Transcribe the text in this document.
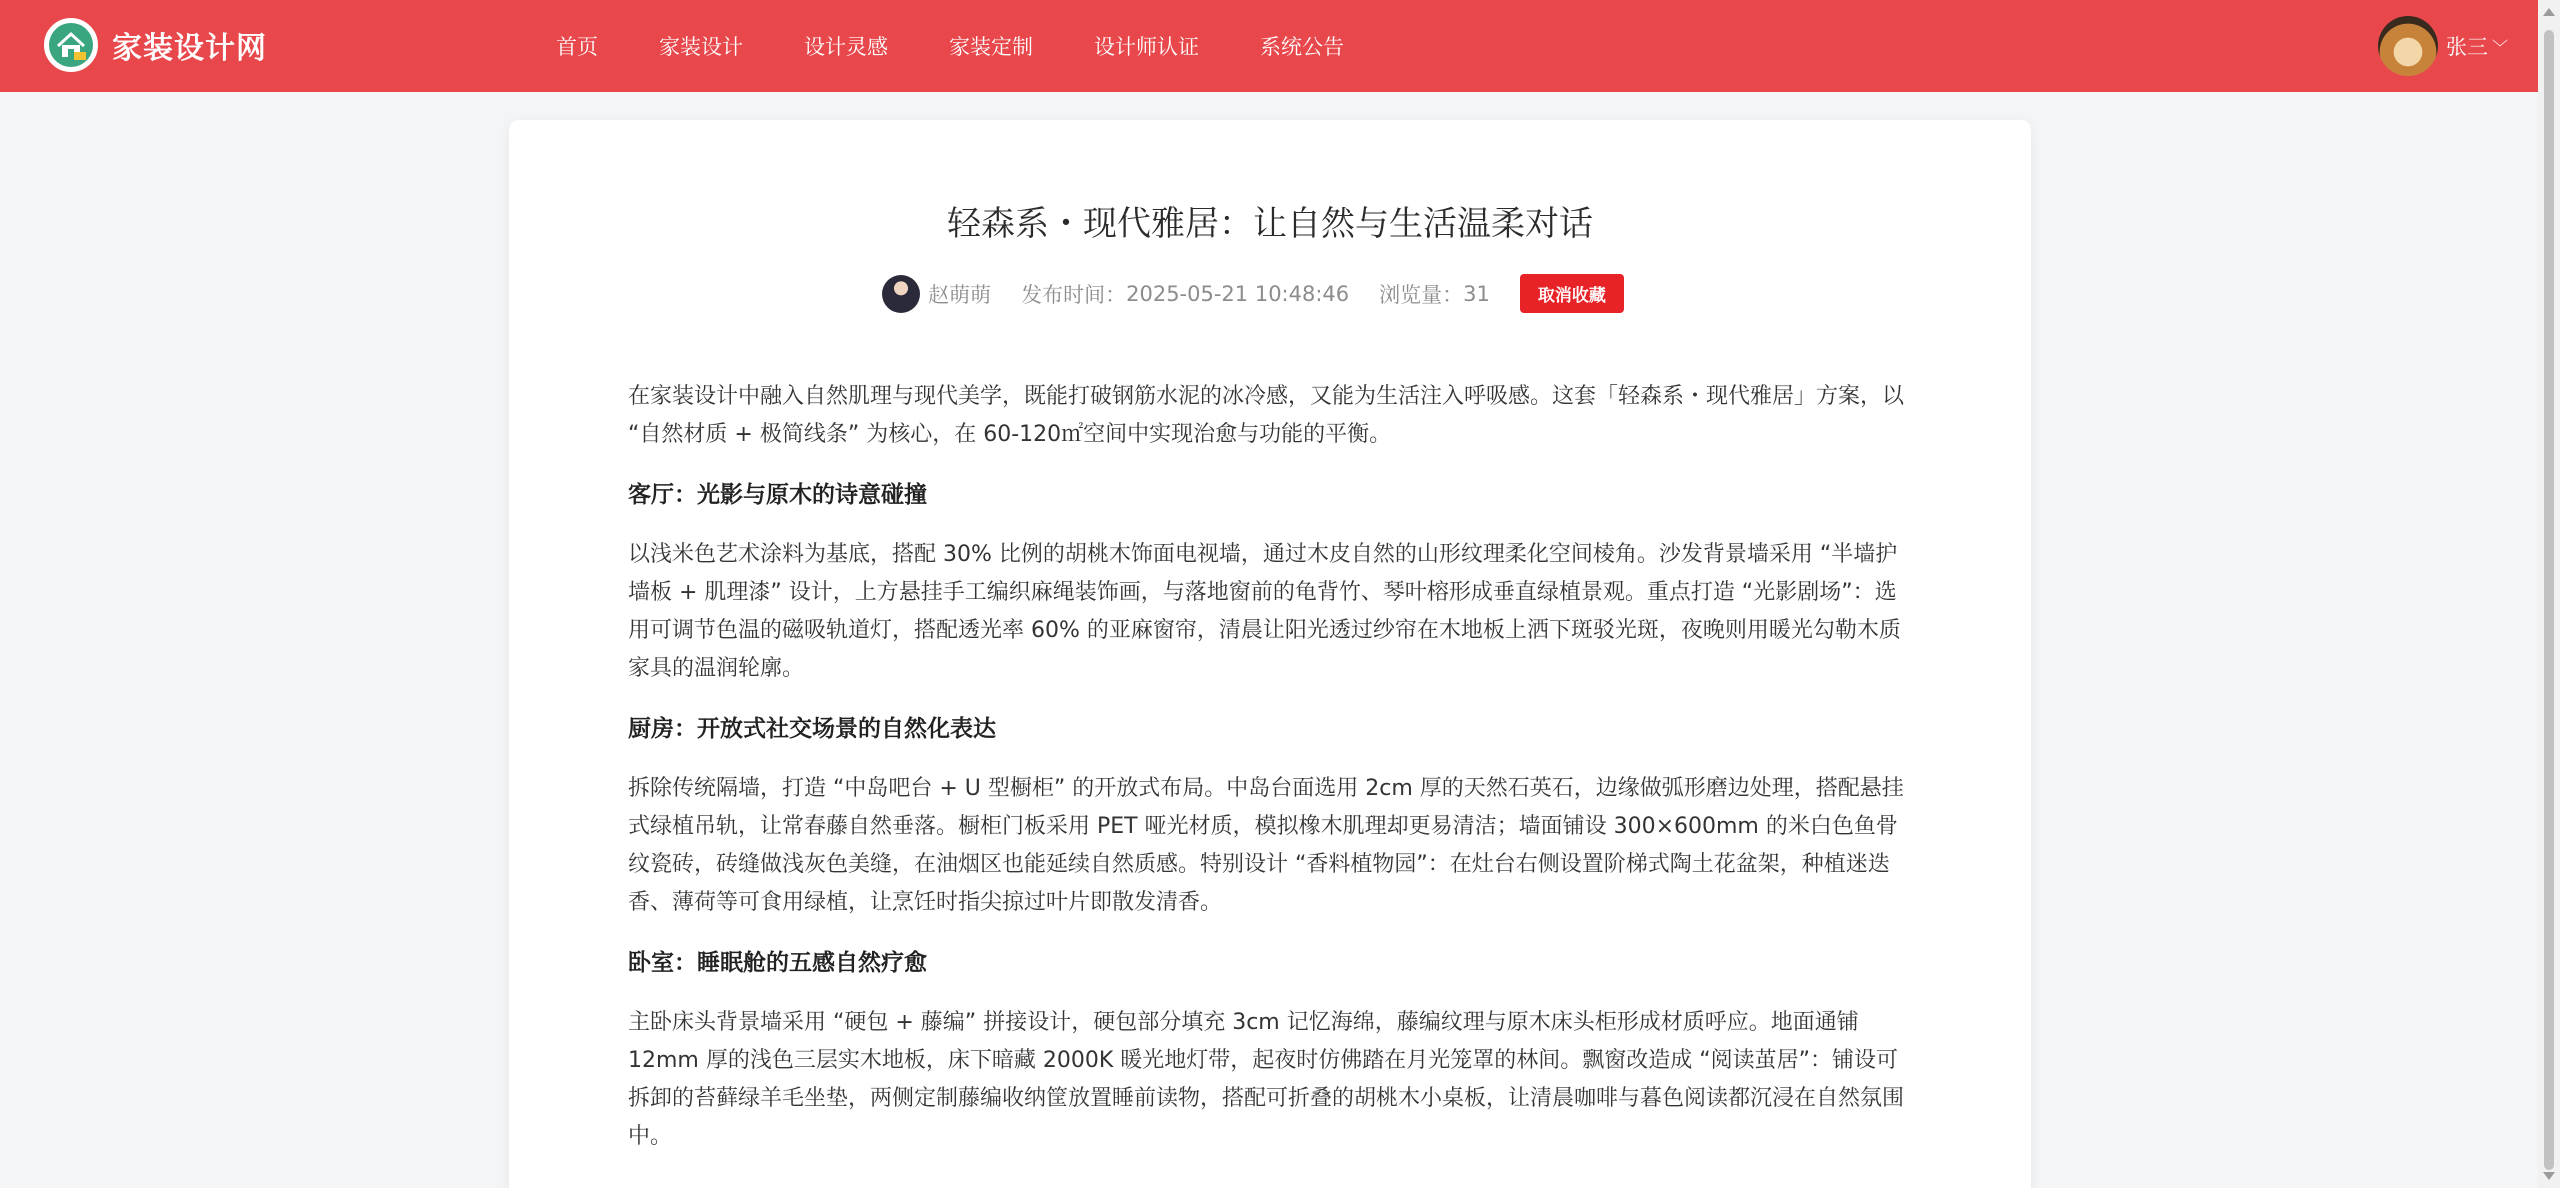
家装设计网	首页	家装设计	设计灵感	家装定制	设计师认证	系统公告	张三 ﹀
轻森系・现代雅居：让自然与生活温柔对话
赵萌萌 发布时间： 2025-05-21 10:48:46 浏览量： 31	取消收藏

在家装设计中融入自然肌理与现代美学，既能打破钢筋水泥的冰冷感，又能为生活注入呼吸感。这套「轻森系・现代雅居」方案，以 “自然材质 + 极简线条” 为核心，在 60-120㎡空间中实现治愈与功能的平衡。

客厅：光影与原木的诗意碰撞

以浅米色艺术涂料为基底，搭配 30% 比例的胡桃木饰面电视墙，通过木皮自然的山形纹理柔化空间棱角。沙发背景墙采用 “半墙护墙板 + 肌理漆” 设计，上方悬挂手工编织麻绳装饰画，与落地窗前的龟背竹、琴叶榕形成垂直绿植景观。重点打造 “光影剧场”：选用可调节色温的磁吸轨道灯，搭配透光率 60% 的亚麻窗帘，清晨让阳光透过纱帘在木地板上洒下斑驳光斑，夜晚则用暖光勾勒木质家具的温润轮廓。

厨房：开放式社交场景的自然化表达

拆除传统隔墙，打造 “中岛吧台 + U 型橱柜” 的开放式布局。中岛台面选用 2cm 厚的天然石英石，边缘做弧形磨边处理，搭配悬挂式绿植吊轨，让常春藤自然垂落。橱柜门板采用 PET 哑光材质，模拟橡木肌理却更易清洁；墙面铺设 300×600mm 的米白色鱼骨纹瓷砖，砖缝做浅灰色美缝，在油烟区也能延续自然质感。特别设计 “香料植物园”：在灶台右侧设置阶梯式陶土花盆架，种植迷迭香、薄荷等可食用绿植，让烹饪时指尖掠过叶片即散发清香。

卧室：睡眠舱的五感自然疗愈

主卧床头背景墙采用 “硬包 + 藤编” 拼接设计，硬包部分填充 3cm 记忆海绵，藤编纹理与原木床头柜形成材质呼应。地面通铺 12mm 厚的浅色三层实木地板，床下暗藏 2000K 暖光地灯带，起夜时仿佛踏在月光笼罩的林间。飘窗改造成 “阅读茧居”：铺设可拆卸的苔藓绿羊毛坐垫，两侧定制藤编收纳筐放置睡前读物，搭配可折叠的胡桃木小桌板，让清晨咖啡与暮色阅读都沉浸在自然氛围中。
